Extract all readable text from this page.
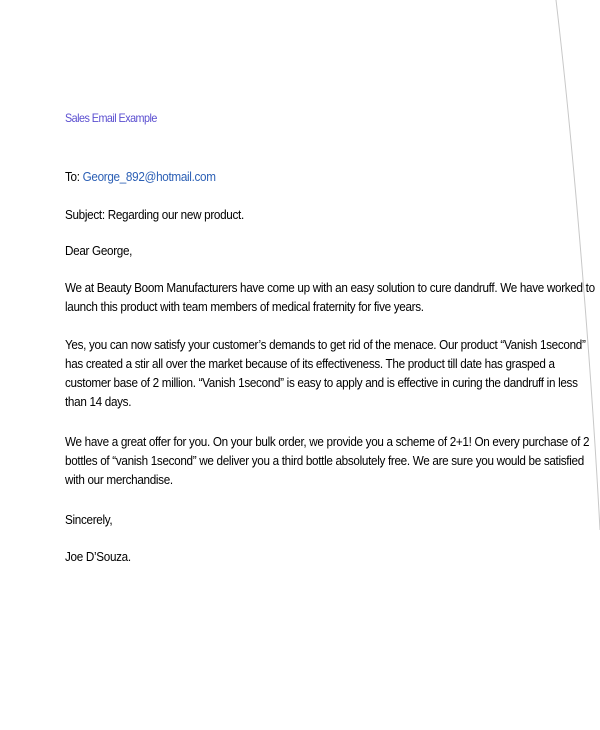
Sales Email Example
To: George_892@hotmail.com
Subject: Regarding our new product.
Dear George,
We at Beauty Boom Manufacturers have come up with an easy solution to cure dandruff. We have worked to
launch this product with team members of medical fraternity for five years.
Yes, you can now satisfy your customer’s demands to get rid of the menace. Our product “Vanish 1second”
has created a stir all over the market because of its effectiveness. The product till date has grasped a
customer base of 2 million. “Vanish 1second” is easy to apply and is effective in curing the dandruff in less
than 14 days.
We have a great offer for you. On your bulk order, we provide you a scheme of 2+1! On every purchase of 2
bottles of “vanish 1second” we deliver you a third bottle absolutely free. We are sure you would be satisfied
with our merchandise.
Sincerely,
Joe D’Souza.
